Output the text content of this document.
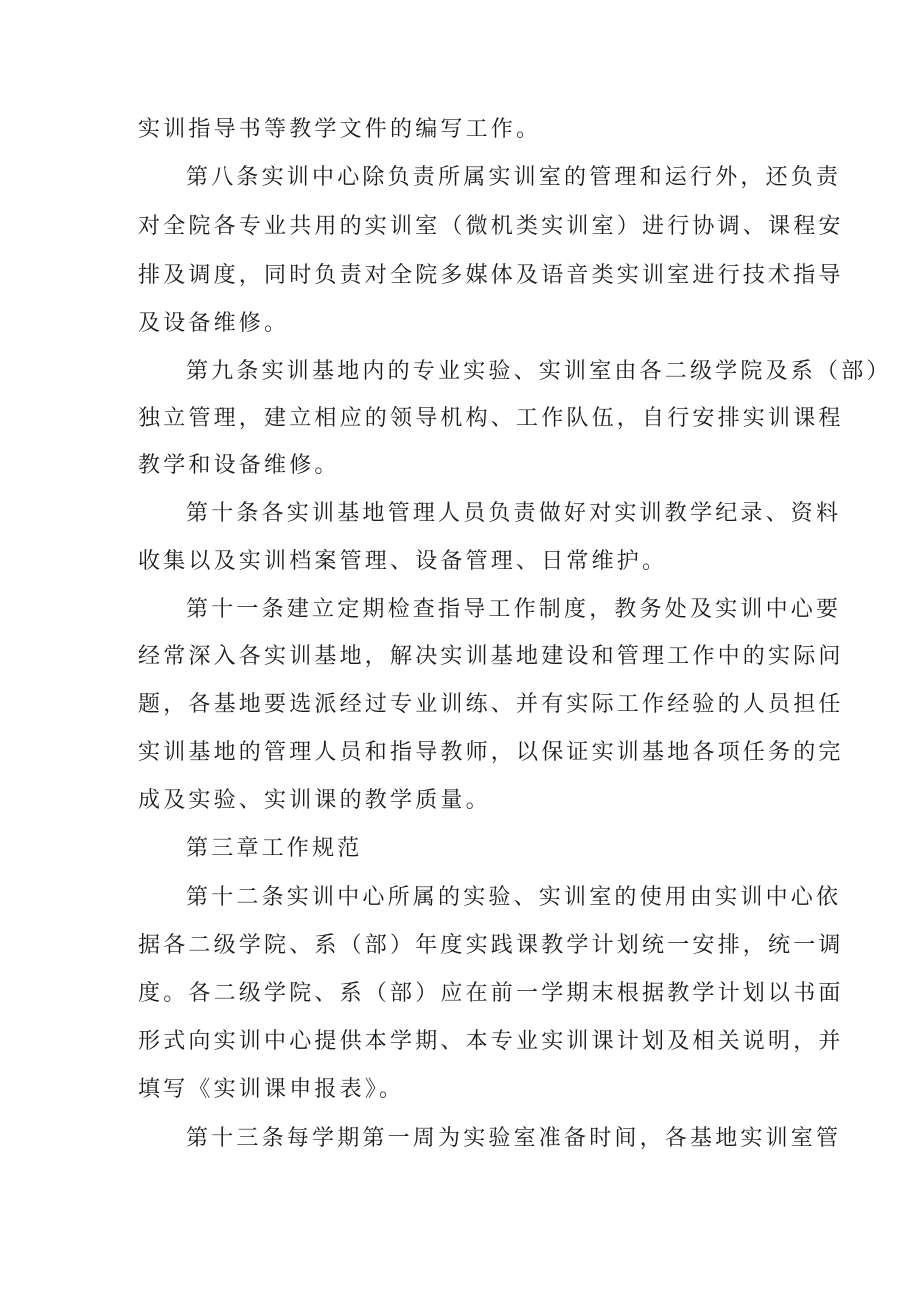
实训指导书等教学文件的编写工作。
第八条实训中心除负责所属实训室的管理和运行外，还负责
对全院各专业共用的实训室（微机类实训室）进行协调、课程安
排及调度，同时负责对全院多媒体及语音类实训室进行技术指导
及设备维修。
第九条实训基地内的专业实验、实训室由各二级学院及系（部）
独立管理，建立相应的领导机构、工作队伍，自行安排实训课程
教学和设备维修。
第十条各实训基地管理人员负责做好对实训教学纪录、资料
收集以及实训档案管理、设备管理、日常维护。
第十一条建立定期检查指导工作制度，教务处及实训中心要
经常深入各实训基地，解决实训基地建设和管理工作中的实际问
题，各基地要选派经过专业训练、并有实际工作经验的人员担任
实训基地的管理人员和指导教师，以保证实训基地各项任务的完
成及实验、实训课的教学质量。
第三章工作规范
第十二条实训中心所属的实验、实训室的使用由实训中心依
据各二级学院、系（部）年度实践课教学计划统一安排，统一调
度。各二级学院、系（部）应在前一学期末根据教学计划以书面
形式向实训中心提供本学期、本专业实训课计划及相关说明，并
填写《实训课申报表》。
第十三条每学期第一周为实验室准备时间，各基地实训室管
